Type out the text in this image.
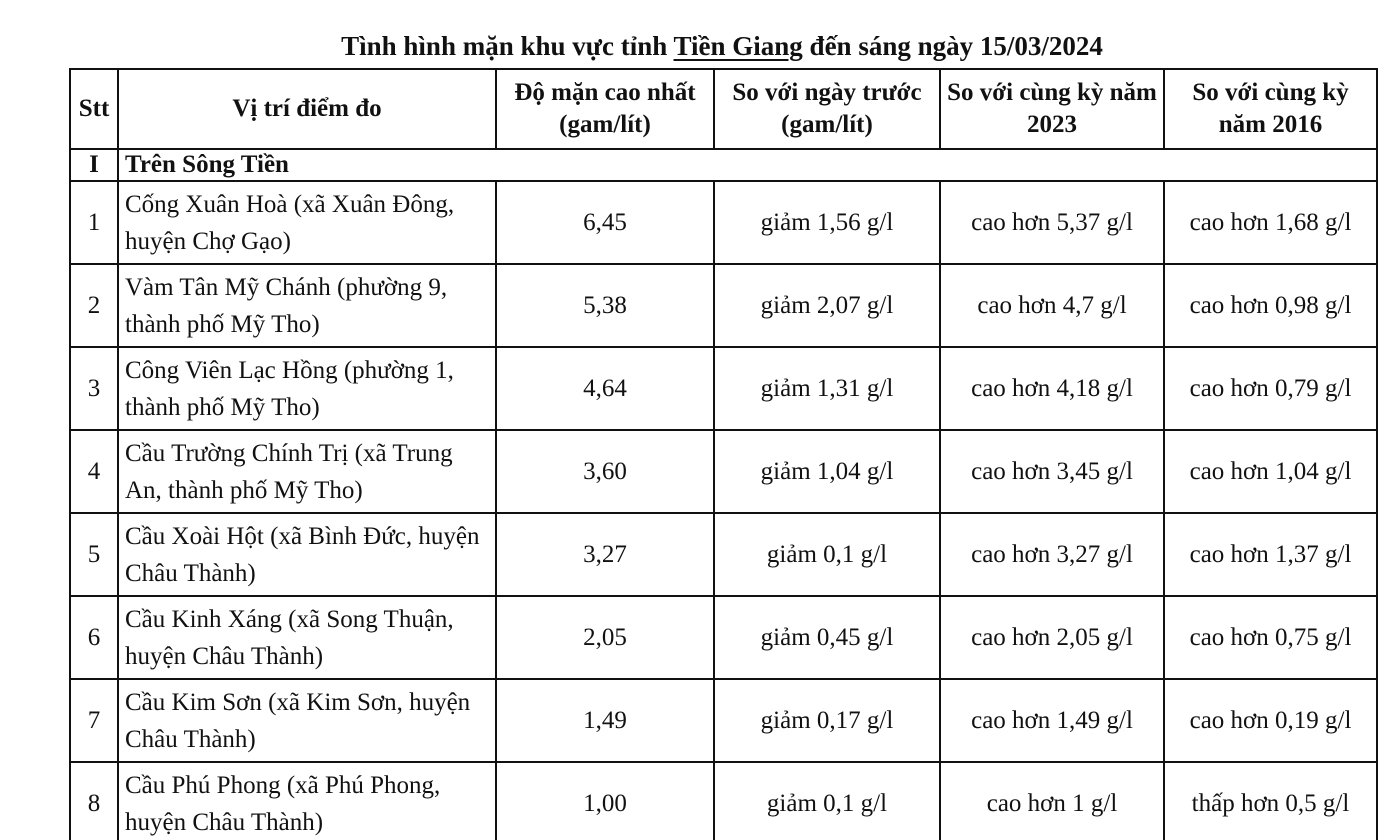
Tình hình mặn khu vực tỉnh Tiền Giang đến sáng ngày 15/03/2024
Stt	Vị trí điểm đo	Độ mặn cao nhất (gam/lít)	So với ngày trước (gam/lít)	So với cùng kỳ năm 2023	So với cùng kỳ năm 2016
I	Trên Sông Tiền				
1	Cống Xuân Hoà (xã Xuân Đông, huyện Chợ Gạo)	6,45	giảm 1,56 g/l	cao hơn 5,37 g/l	cao hơn 1,68 g/l
2	Vàm Tân Mỹ Chánh (phường 9, thành phố Mỹ Tho)	5,38	giảm 2,07 g/l	cao hơn 4,7 g/l	cao hơn 0,98 g/l
3	Công Viên Lạc Hồng (phường 1, thành phố Mỹ Tho)	4,64	giảm 1,31 g/l	cao hơn 4,18 g/l	cao hơn 0,79 g/l
4	Cầu Trường Chính Trị (xã Trung An, thành phố Mỹ Tho)	3,60	giảm 1,04 g/l	cao hơn 3,45 g/l	cao hơn 1,04 g/l
5	Cầu Xoài Hột (xã Bình Đức, huyện Châu Thành)	3,27	giảm 0,1 g/l	cao hơn 3,27 g/l	cao hơn 1,37 g/l
6	Cầu Kinh Xáng (xã Song Thuận, huyện Châu Thành)	2,05	giảm 0,45 g/l	cao hơn 2,05 g/l	cao hơn 0,75 g/l
7	Cầu Kim Sơn (xã Kim Sơn, huyện Châu Thành)	1,49	giảm 0,17 g/l	cao hơn 1,49 g/l	cao hơn 0,19 g/l
8	Cầu Phú Phong (xã Phú Phong, huyện Châu Thành)	1,00	giảm 0,1 g/l	cao hơn 1 g/l	thấp hơn 0,5 g/l
